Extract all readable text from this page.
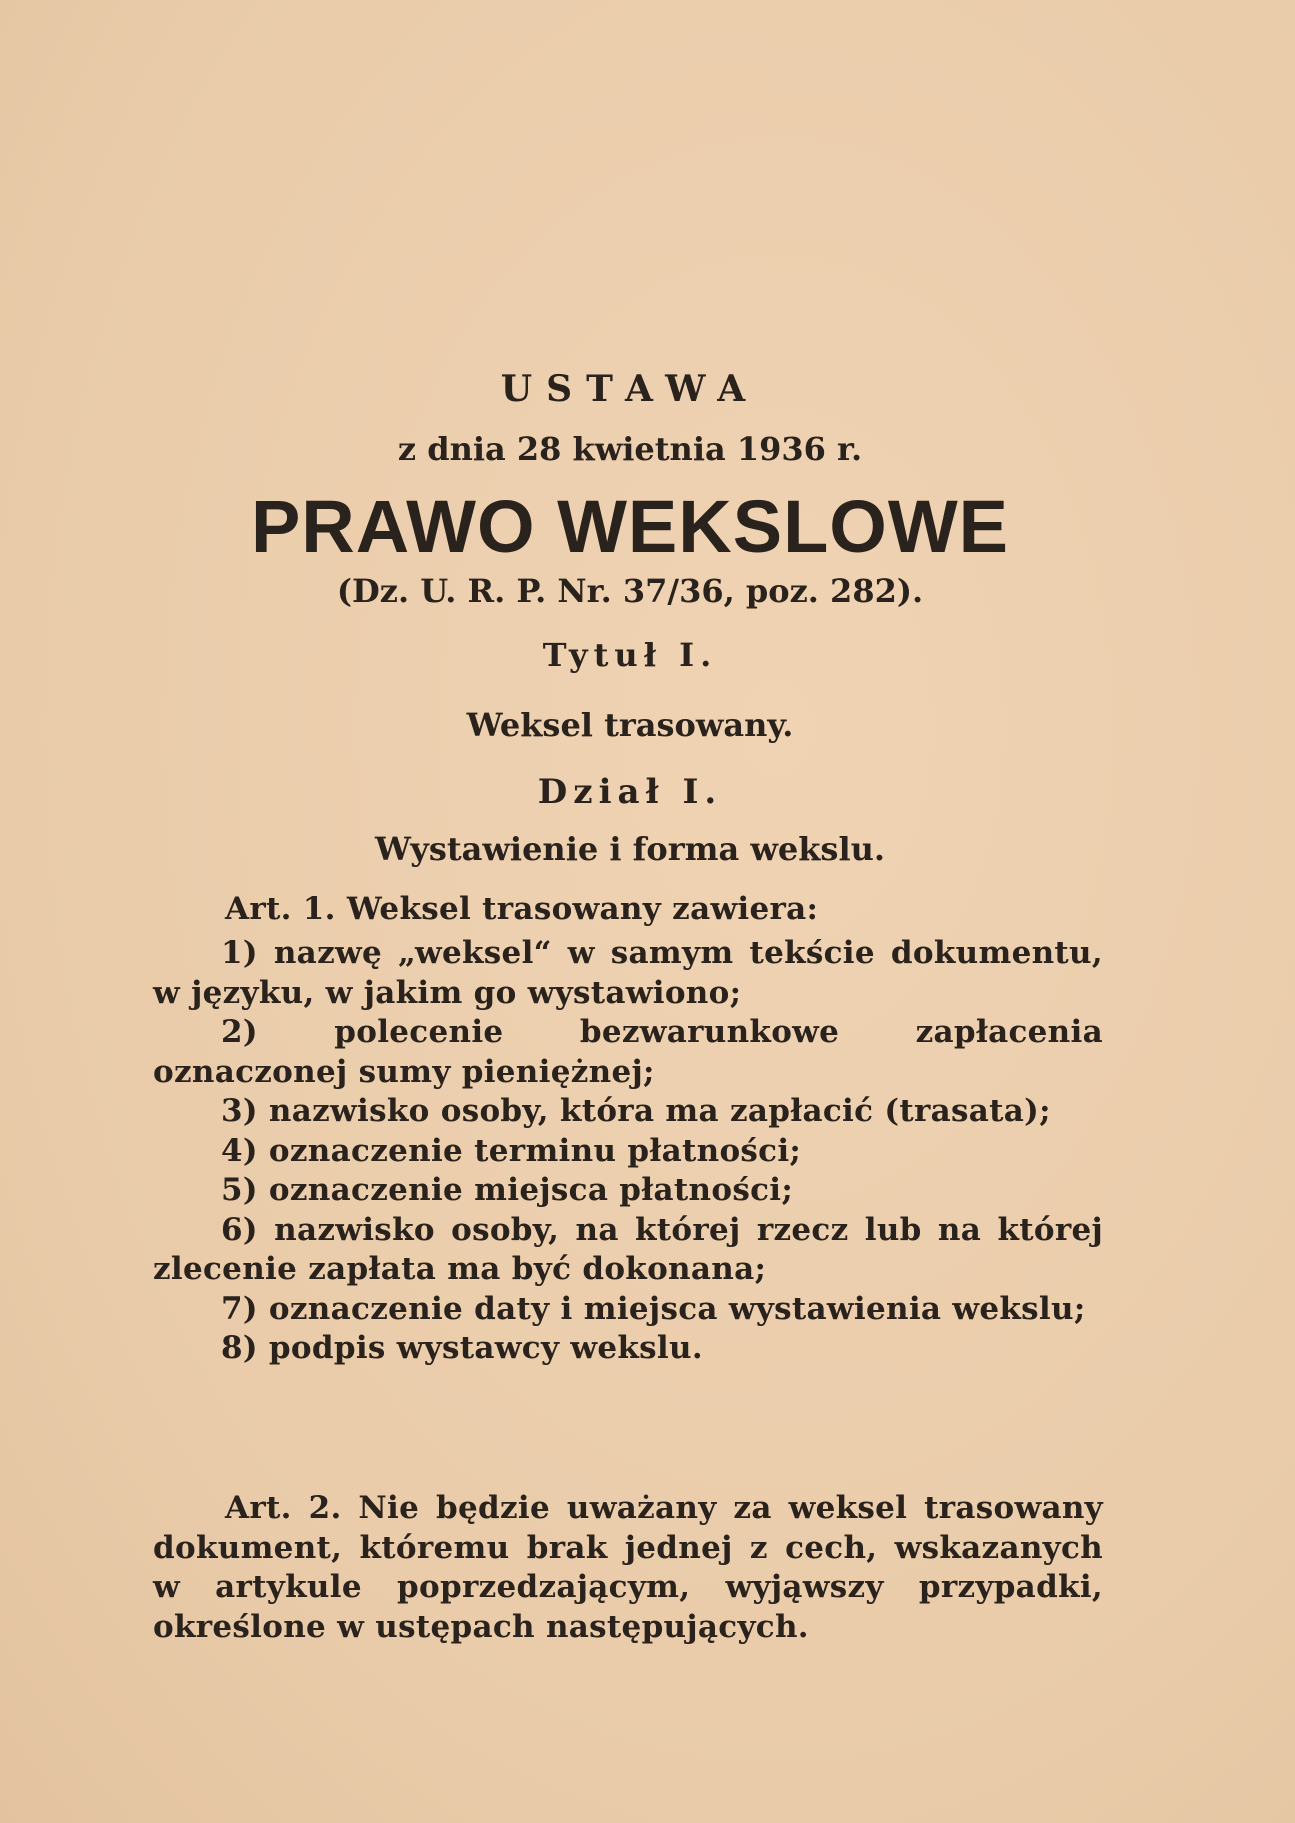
USTAWA

z dnia 28 kwietnia 1936 r.

PRAWO WEKSLOWE

(Dz. U. R. P. Nr. 37/36, poz. 282).

Tytuł I.

Weksel trasowany.

Dział I.

Wystawienie i forma wekslu.

Art. 1. Weksel trasowany zawiera:

1) nazwę „weksel“ w samym tekście dokumentu, w języku, w jakim go wystawiono;
2) polecenie bezwarunkowe zapłacenia oznaczonej sumy pieniężnej;
3) nazwisko osoby, która ma zapłacić (trasata);
4) oznaczenie terminu płatności;
5) oznaczenie miejsca płatności;
6) nazwisko osoby, na której rzecz lub na której zlecenie zapłata ma być dokonana;
7) oznaczenie daty i miejsca wystawienia wekslu;
8) podpis wystawcy wekslu.

Art. 2. Nie będzie uważany za weksel trasowany dokument, któremu brak jednej z cech, wskazanych w artykule poprzedzającym, wyjąwszy przypadki, określone w ustępach następujących.
